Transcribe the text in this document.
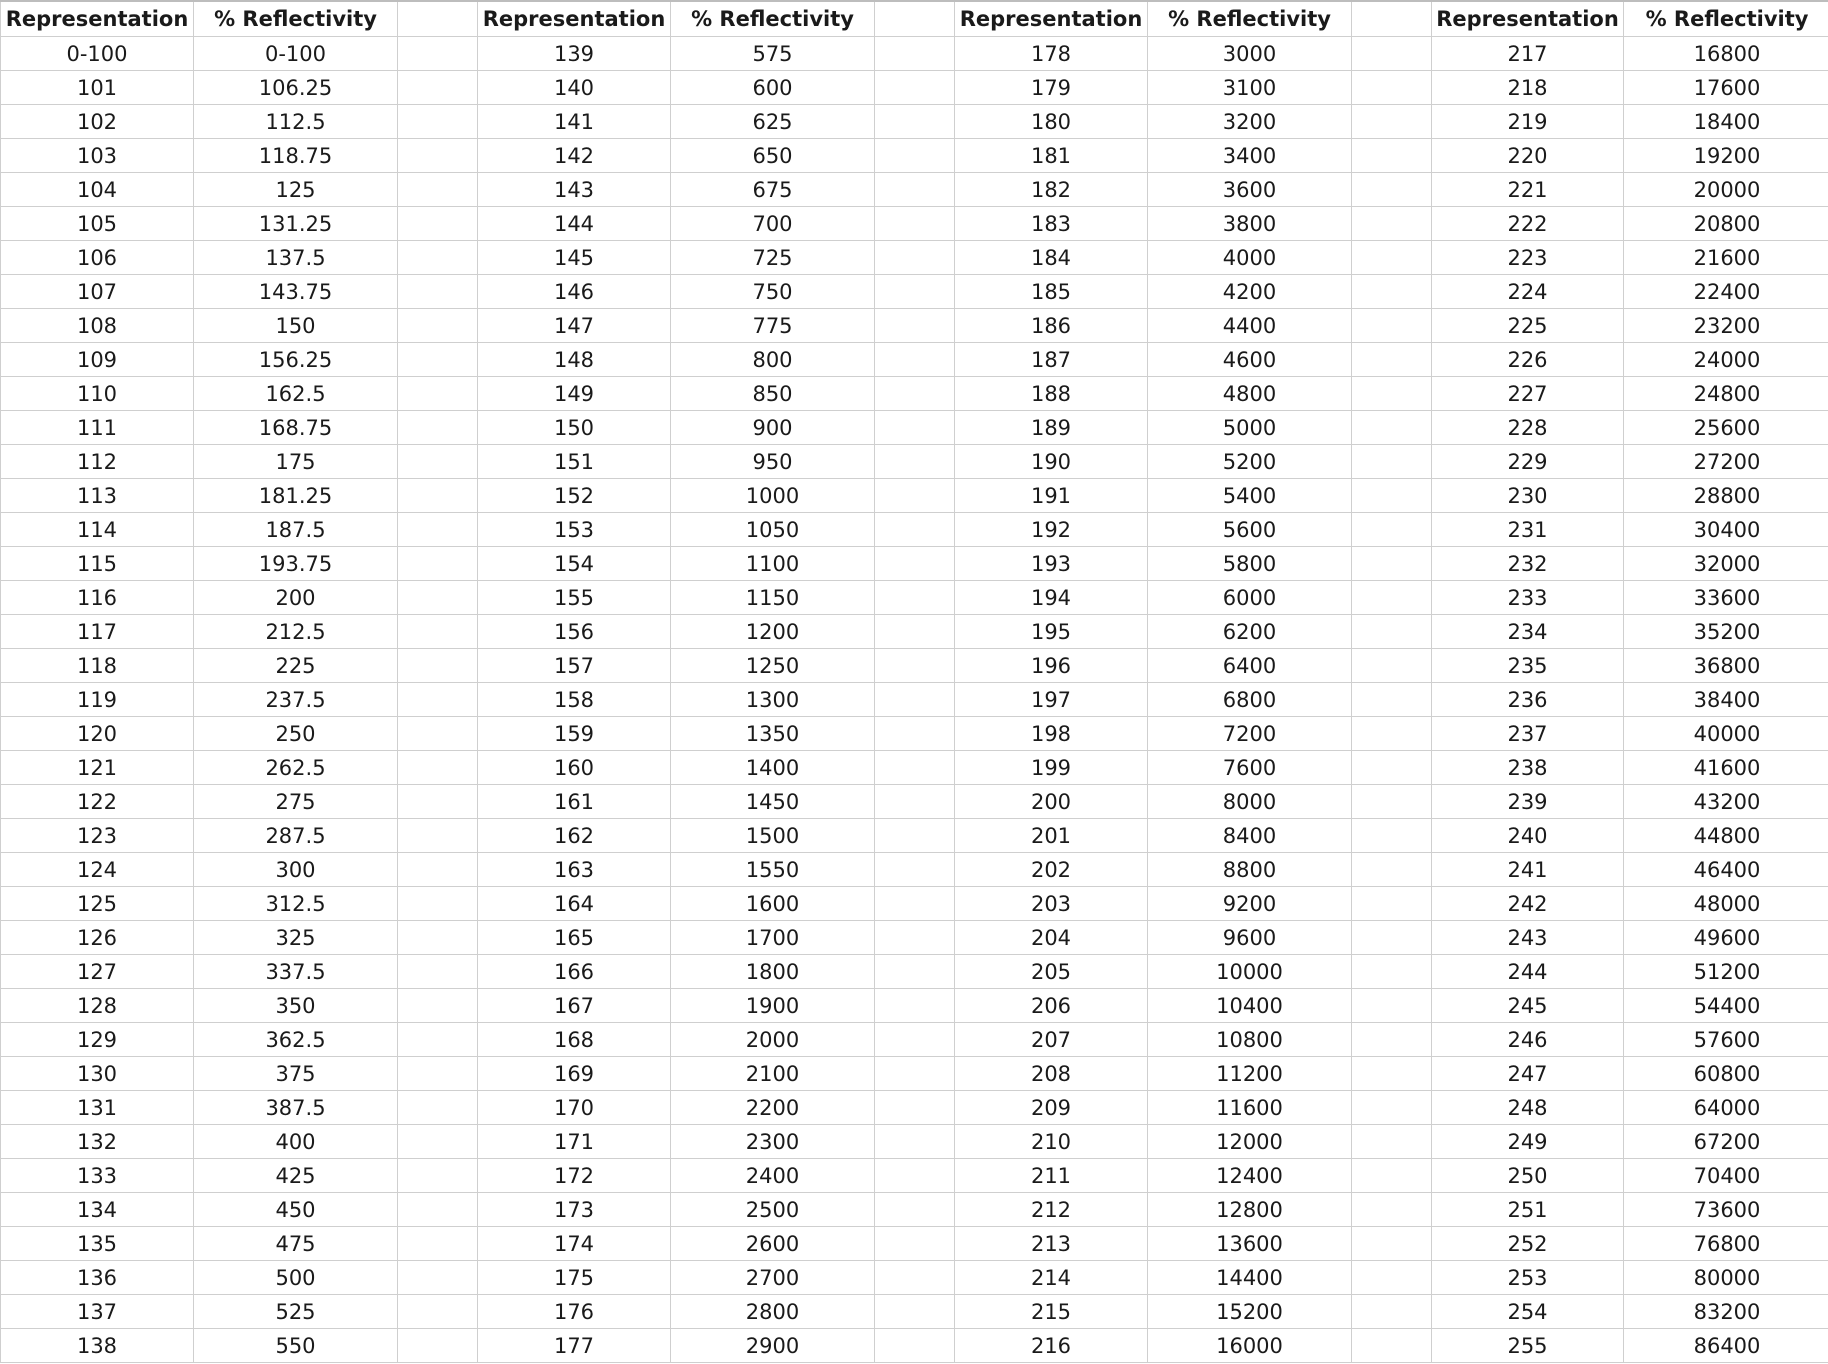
Representation	% Reflectivity		Representation	% Reflectivity		Representation	% Reflectivity		Representation	% Reflectivity	
0-100	0-100		139	575		178	3000		217	16800	
101	106.25		140	600		179	3100		218	17600	
102	112.5		141	625		180	3200		219	18400	
103	118.75		142	650		181	3400		220	19200	
104	125		143	675		182	3600		221	20000	
105	131.25		144	700		183	3800		222	20800	
106	137.5		145	725		184	4000		223	21600	
107	143.75		146	750		185	4200		224	22400	
108	150		147	775		186	4400		225	23200	
109	156.25		148	800		187	4600		226	24000	
110	162.5		149	850		188	4800		227	24800	
111	168.75		150	900		189	5000		228	25600	
112	175		151	950		190	5200		229	27200	
113	181.25		152	1000		191	5400		230	28800	
114	187.5		153	1050		192	5600		231	30400	
115	193.75		154	1100		193	5800		232	32000	
116	200		155	1150		194	6000		233	33600	
117	212.5		156	1200		195	6200		234	35200	
118	225		157	1250		196	6400		235	36800	
119	237.5		158	1300		197	6800		236	38400	
120	250		159	1350		198	7200		237	40000	
121	262.5		160	1400		199	7600		238	41600	
122	275		161	1450		200	8000		239	43200	
123	287.5		162	1500		201	8400		240	44800	
124	300		163	1550		202	8800		241	46400	
125	312.5		164	1600		203	9200		242	48000	
126	325		165	1700		204	9600		243	49600	
127	337.5		166	1800		205	10000		244	51200	
128	350		167	1900		206	10400		245	54400	
129	362.5		168	2000		207	10800		246	57600	
130	375		169	2100		208	11200		247	60800	
131	387.5		170	2200		209	11600		248	64000	
132	400		171	2300		210	12000		249	67200	
133	425		172	2400		211	12400		250	70400	
134	450		173	2500		212	12800		251	73600	
135	475		174	2600		213	13600		252	76800	
136	500		175	2700		214	14400		253	80000	
137	525		176	2800		215	15200		254	83200	
138	550		177	2900		216	16000		255	86400	
